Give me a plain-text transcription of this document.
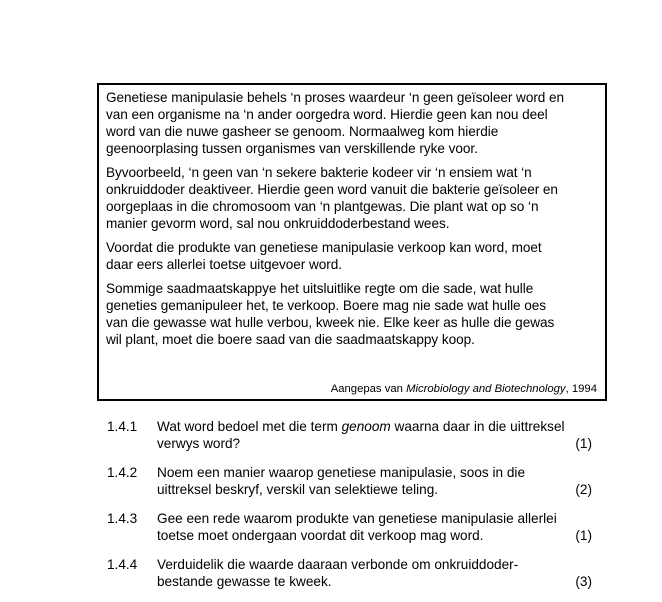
Genetiese manipulasie behels ‘n proses waardeur ‘n geen geïsoleer word en
van een organisme na ‘n ander oorgedra word. Hierdie geen kan nou deel
word van die nuwe gasheer se genoom. Normaalweg kom hierdie
geenoorplasing tussen organismes van verskillende ryke voor.

Byvoorbeeld, ‘n geen van ‘n sekere bakterie kodeer vir ‘n ensiem wat ‘n
onkruiddoder deaktiveer. Hierdie geen word vanuit die bakterie geïsoleer en
oorgeplaas in die chromosoom van ‘n plantgewas. Die plant wat op so ‘n
manier gevorm word, sal nou onkruiddoderbestand wees.

Voordat die produkte van genetiese manipulasie verkoop kan word, moet
daar eers allerlei toetse uitgevoer word.

Sommige saadmaatskappye het uitsluitlike regte om die sade, wat hulle
geneties gemanipuleer het, te verkoop. Boere mag nie sade wat hulle oes
van die gewasse wat hulle verbou, kweek nie. Elke keer as hulle die gewas
wil plant, moet die boere saad van die saadmaatskappy koop.

Aangepas van Microbiology and Biotechnology, 1994
1.4.1 Wat word bedoel met die term genoom waarna daar in die uittreksel
verwys word?	(1)
1.4.2 Noem een manier waarop genetiese manipulasie, soos in die
uittreksel beskryf, verskil van selektiewe teling.	(2)
1.4.3 Gee een rede waarom produkte van genetiese manipulasie allerlei
toetse moet ondergaan voordat dit verkoop mag word.	(1)
1.4.4 Verduidelik die waarde daaraan verbonde om onkruiddoder-
bestande gewasse te kweek.	(3)
